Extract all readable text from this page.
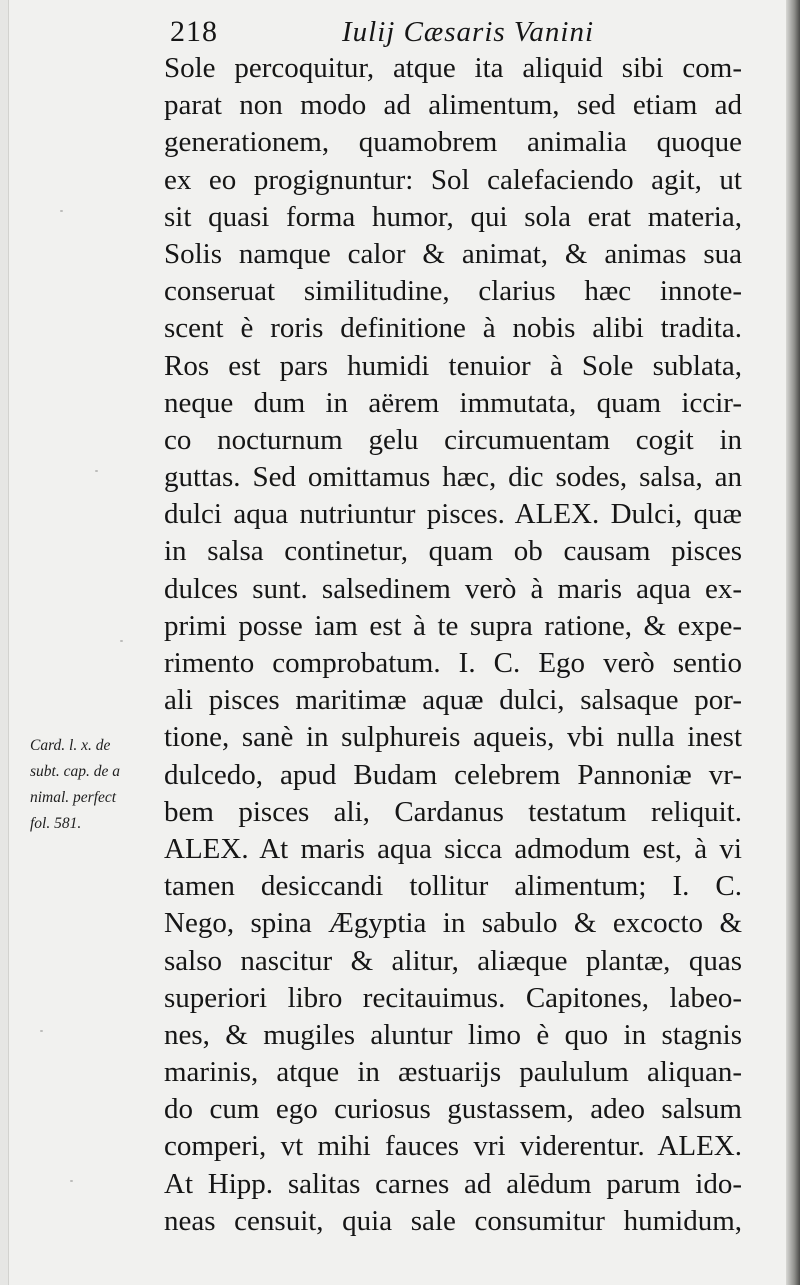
218	Iulij Cæsaris Vanini
Sole percoquitur, atque ita aliquid sibi com-
parat non modo ad alimentum, sed etiam ad
generationem, quamobrem animalia quoque
ex eo progignuntur: Sol calefaciendo agit, ut
sit quasi forma humor, qui sola erat materia,
Solis namque calor & animat, & animas sua
conseruat similitudine, clarius hæc innote-
scent è roris definitione à nobis alibi tradita.
Ros est pars humidi tenuior à Sole sublata,
neque dum in aërem immutata, quam iccir-
co nocturnum gelu circumuentam cogit in
guttas. Sed omittamus hæc, dic sodes, salsa, an
dulci aqua nutriuntur pisces. ALEX. Dulci, quæ
in salsa continetur, quam ob causam pisces
dulces sunt. salsedinem verò à maris aqua ex-
primi posse iam est à te supra ratione, & expe-
rimento comprobatum. I. C. Ego verò sentio
ali pisces maritimæ aquæ dulci, salsaque por-
tione, sanè in sulphureis aqueis, vbi nulla inest
dulcedo, apud Budam celebrem Pannoniæ vr-
bem pisces ali, Cardanus testatum reliquit.
ALEX. At maris aqua sicca admodum est, à vi
tamen desiccandi tollitur alimentum; I. C.
Nego, spina Ægyptia in sabulo & excocto &
salso nascitur & alitur, aliæque plantæ, quas
superiori libro recitauimus. Capitones, labeo-
nes, & mugiles aluntur limo è quo in stagnis
marinis, atque in æstuarijs paululum aliquan-
do cum ego curiosus gustassem, adeo salsum
comperi, vt mihi fauces vri viderentur. ALEX.
At Hipp. salitas carnes ad alēdum parum ido-
neas censuit, quia sale consumitur humidum,
Card. l. x. de
subt. cap. de a
nimal. perfect
fol. 581.
